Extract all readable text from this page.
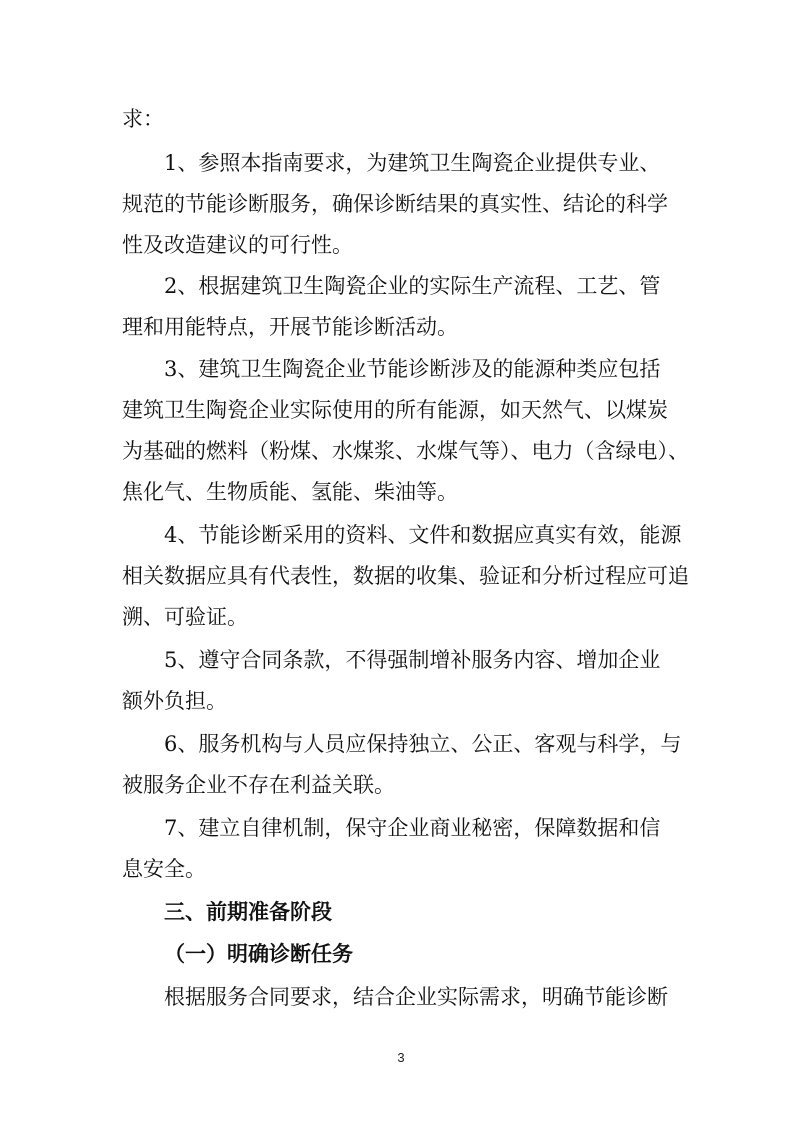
求：
1、参照本指南要求，为建筑卫生陶瓷企业提供专业、
规范的节能诊断服务，确保诊断结果的真实性、结论的科学
性及改造建议的可行性。
2、根据建筑卫生陶瓷企业的实际生产流程、工艺、管
理和用能特点，开展节能诊断活动。
3、建筑卫生陶瓷企业节能诊断涉及的能源种类应包括
建筑卫生陶瓷企业实际使用的所有能源，如天然气、以煤炭
为基础的燃料（粉煤、水煤浆、水煤气等）、电力（含绿电）、
焦化气、生物质能、氢能、柴油等。
4、节能诊断采用的资料、文件和数据应真实有效，能源
相关数据应具有代表性，数据的收集、验证和分析过程应可追
溯、可验证。
5、遵守合同条款，不得强制增补服务内容、增加企业
额外负担。
6、服务机构与人员应保持独立、公正、客观与科学，与
被服务企业不存在利益关联。
7、建立自律机制，保守企业商业秘密，保障数据和信
息安全。
三、前期准备阶段
（一）明确诊断任务
根据服务合同要求，结合企业实际需求，明确节能诊断
3
